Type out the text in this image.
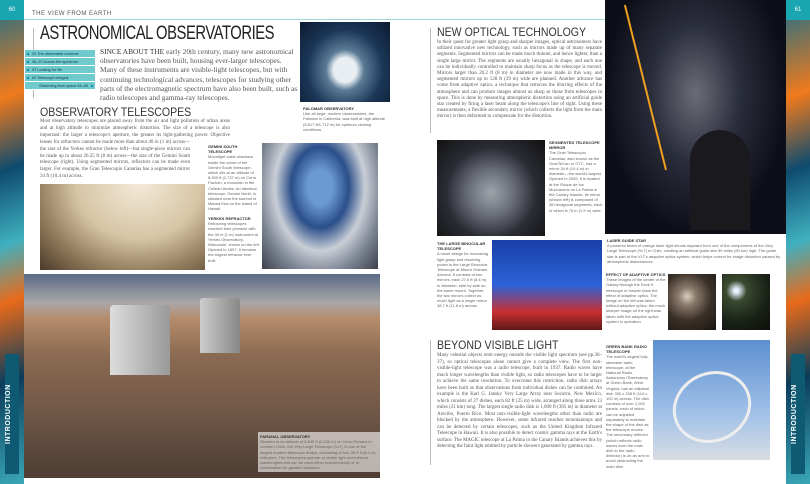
60
INTRODUCTION
THE VIEW FROM EARTH
ASTRONOMICAL OBSERVATORIES
◀ 22 The observable universe
◀ 36–37 Across the spectrum
◀ 57 Looking for life
◀ 62 Telescope designs
▶ Observing from space 64–65
SINCE ABOUT THE early 20th century, many new astronomical observatories have been built, housing ever-larger telescopes. Many of these instruments are visible-light telescopes, but with continuing technological advances, telescopes for studying other parts of the electromagnetic spectrum have also been built, such as radio telescopes and gamma-ray telescopes.
PALOMAR OBSERVATORY
Like all large, modern observatories, the Palomar in California, was built at high altitude (5,617 ft/1,712 m) for optimum viewing conditions.
OBSERVATORY TELESCOPES
Most observatory telescopes are placed away from the air and light pollution of urban areas and at high altitude to minimize atmospheric distortion. The size of a telescope is also important: the larger a telescope's aperture, the greater its light-gathering power. Objective lenses for refractors cannot be made more than about 40 in (1 m) across—the size of the Yerkes refractor (below left)—but single-piece mirrors can be made up to about 26.25 ft (8 m) across—the size of the Gemini South telescope (right). Using segmented mirrors, reflectors can be made even larger. For example, the Gran Telescopio Canarias has a segmented mirror 34 ft (10.4 m) across.
GEMINI SOUTH TELESCOPE
Moonlight casts shadows inside the dome of the Gemini South telescope, which sits at an altitude of 8,900 ft (2,737 m) on Cerro Pachón, a mountain in the Chilean Andes. An identical telescope, Gemini North, is situated near the summit of Mauna Kea on the island of Hawaii.
YERKES REFRACTOR
Refracting telescopes reached their pinnacle with the 40 in (1 m) instrument at Yerkes Observatory, Wisconsin, shown on the left. Opened in 1897, it remains the largest refractor ever built.
PARANAL OBSERVATORY
Situated at an altitude of 8,645 ft (2,635 m) on Cerro Paranal in northern Chile, the Very Large Telescope (VLT) is one of the largest modern telescope arrays, consisting of four 26.9 ft (8.2 m) reflectors. The telescopes operate at visible light and infrared wavelengths and can be used either independently or in combination for greater resolution.
61
INTRODUCTION
NEW OPTICAL TECHNOLOGY
In their quest for greater light grasp and sharper images, optical astronomers have utilized innovative new technology, such as mirrors made up of many separate segments. Segmented mirrors can be made much thinner, and hence lighter, than a single large mirror. The segments are usually hexagonal in shape, and each one can be individually controlled to maintain sharp focus as the telescope is moved. Mirrors larger than 26.2 ft (8 m) in diameter are now made in this way, and segmented mirrors up to 128 ft (39 m) wide are planned. Another advance has come from adaptive optics, a technique that removes the blurring effects of the atmosphere and can produce images almost as sharp as those from telescopes in space. This is done by measuring atmospheric distortion using an artificial guide star created by firing a laser beam along the telescope's line of sight. Using these measurements, a flexible secondary mirror (which collects the light from the main mirror) is then deformed to compensate for the distortion.
SEGMENTED TELESCOPE MIRROR
The Gran Telescopio Canarias, also known as the GranTeCan or GTC, has a mirror 34 ft (10.4 m) in diameter—the world's largest. Opened in 2009, it is located at the Roque de los Muchachos on La Palma in the Canary Islands. Its mirror (shown left) is composed of 36 hexagonal segments, each of which is 75 in (1.9 m) wide.
THE LARGE BINOCULAR TELESCOPE
A novel design for increasing light grasp and resolving power is the Large Binocular Telescope at Mount Graham, Arizona. It consists of two mirrors, each 27.6 ft (8.4 m) in diameter, side by side on the same mount. Together, the two mirrors collect as much light as a single mirror 38.7 ft (11.8 m) across.
LASER GUIDE STAR
A powerful beam of orange laser light shoots skyward from one of the components of the Very Large Telescope (VLT) in Chile, creating an artificial guide star 55 miles (90 km) high. The guide star is part of the VLT's adaptive optics system, which helps correct for image distortion caused by atmospheric disturbances.
EFFECT OF ADAPTIVE OPTICS
These images of the center of the Galaxy through the Keck II telescope in Hawaii show the effect of adaptive optics. The image on the left was taken without adaptive optics; the much sharper image on the right was taken with the adaptive optics system in operation.
BEYOND VISIBLE LIGHT
Many celestial objects emit energy outside the visible light spectrum (see pp.36–37), so optical telescopes alone cannot give a complete view. The first non-visible-light telescope was a radio telescope, built in 1937. Radio waves have much longer wavelengths than visible light, so radio telescopes have to be larger to achieve the same resolution. To overcome this restriction, radio dish arrays have been built so that observations from individual dishes can be combined. An example is the Karl G. Jansky Very Large Array near Socorro, New Mexico, which consists of 27 dishes, each 82 ft (25 m) wide, arranged along three arms 13 miles (21 km) long. The largest single radio dish is 1,000 ft (305 m) in diameter at Arecibo, Puerto Rico. Most non-visible-light wavelengths other than radio are blocked by the atmosphere. However, some infrared reaches mountaintops and can be detected by certain telescopes, such as the United Kingdom Infrared Telescope in Hawaii. It is also possible to detect cosmic gamma rays at the Earth's surface. The MAGIC telescope at La Palma in the Canary Islands achieves this by detecting the faint light emitted by particle showers generated by gamma rays.
GREEN BANK RADIO TELESCOPE
The world's largest fully steerable radio telescope, at the National Radio Astronomy Observatory at Green Bank, West Virginia, has an elliptical dish 330 x 328 ft (110 x 100 m) across. The dish consists of over 2,000 panels, each of which can be adjusted separately to maintain the shape of the dish as the telescope moves. The secondary reflector (which reflects radio waves from the main dish to the radio detector) is on an arm to avoid obstructing the main dish.
